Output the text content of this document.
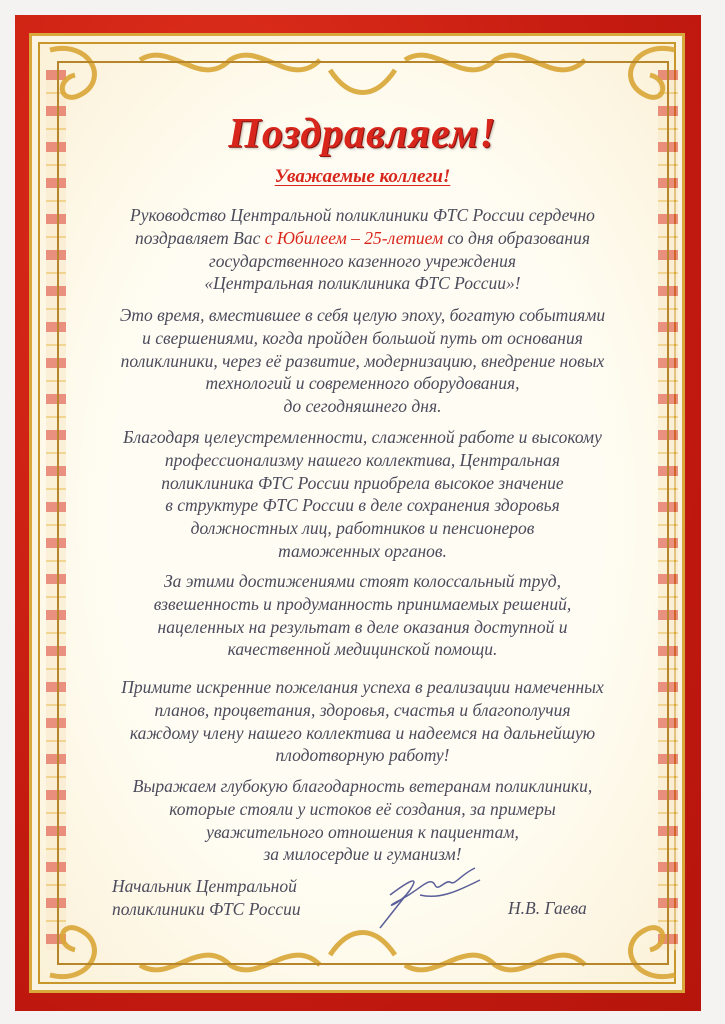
Поздравляем!
Уважаемые коллеги!
Руководство Центральной поликлиники ФТС России сердечно
поздравляет Вас с Юбилеем – 25-летием со дня образования
государственного казенного учреждения
«Центральная поликлиника ФТС России»!
Это время, вместившее в себя целую эпоху, богатую событиями
и свершениями, когда пройден большой путь от основания
поликлиники, через её развитие, модернизацию, внедрение новых
технологий и современного оборудования,
до сегодняшнего дня.
Благодаря целеустремленности, слаженной работе и высокому
профессионализму нашего коллектива, Центральная
поликлиника ФТС России приобрела высокое значение
в структуре ФТС России в деле сохранения здоровья
должностных лиц, работников и пенсионеров
таможенных органов.
За этими достижениями стоят колоссальный труд,
взвешенность и продуманность принимаемых решений,
нацеленных на результат в деле оказания доступной и
качественной медицинской помощи.
Примите искренние пожелания успеха в реализации намеченных
планов, процветания, здоровья, счастья и благополучия
каждому члену нашего коллектива и надеемся на дальнейшую
плодотворную работу!
Выражаем глубокую благодарность ветеранам поликлиники,
которые стояли у истоков её создания, за примеры
уважительного отношения к пациентам,
за милосердие и гуманизм!
Начальник Центральной
поликлиники ФТС России	Н.В. Гаева
